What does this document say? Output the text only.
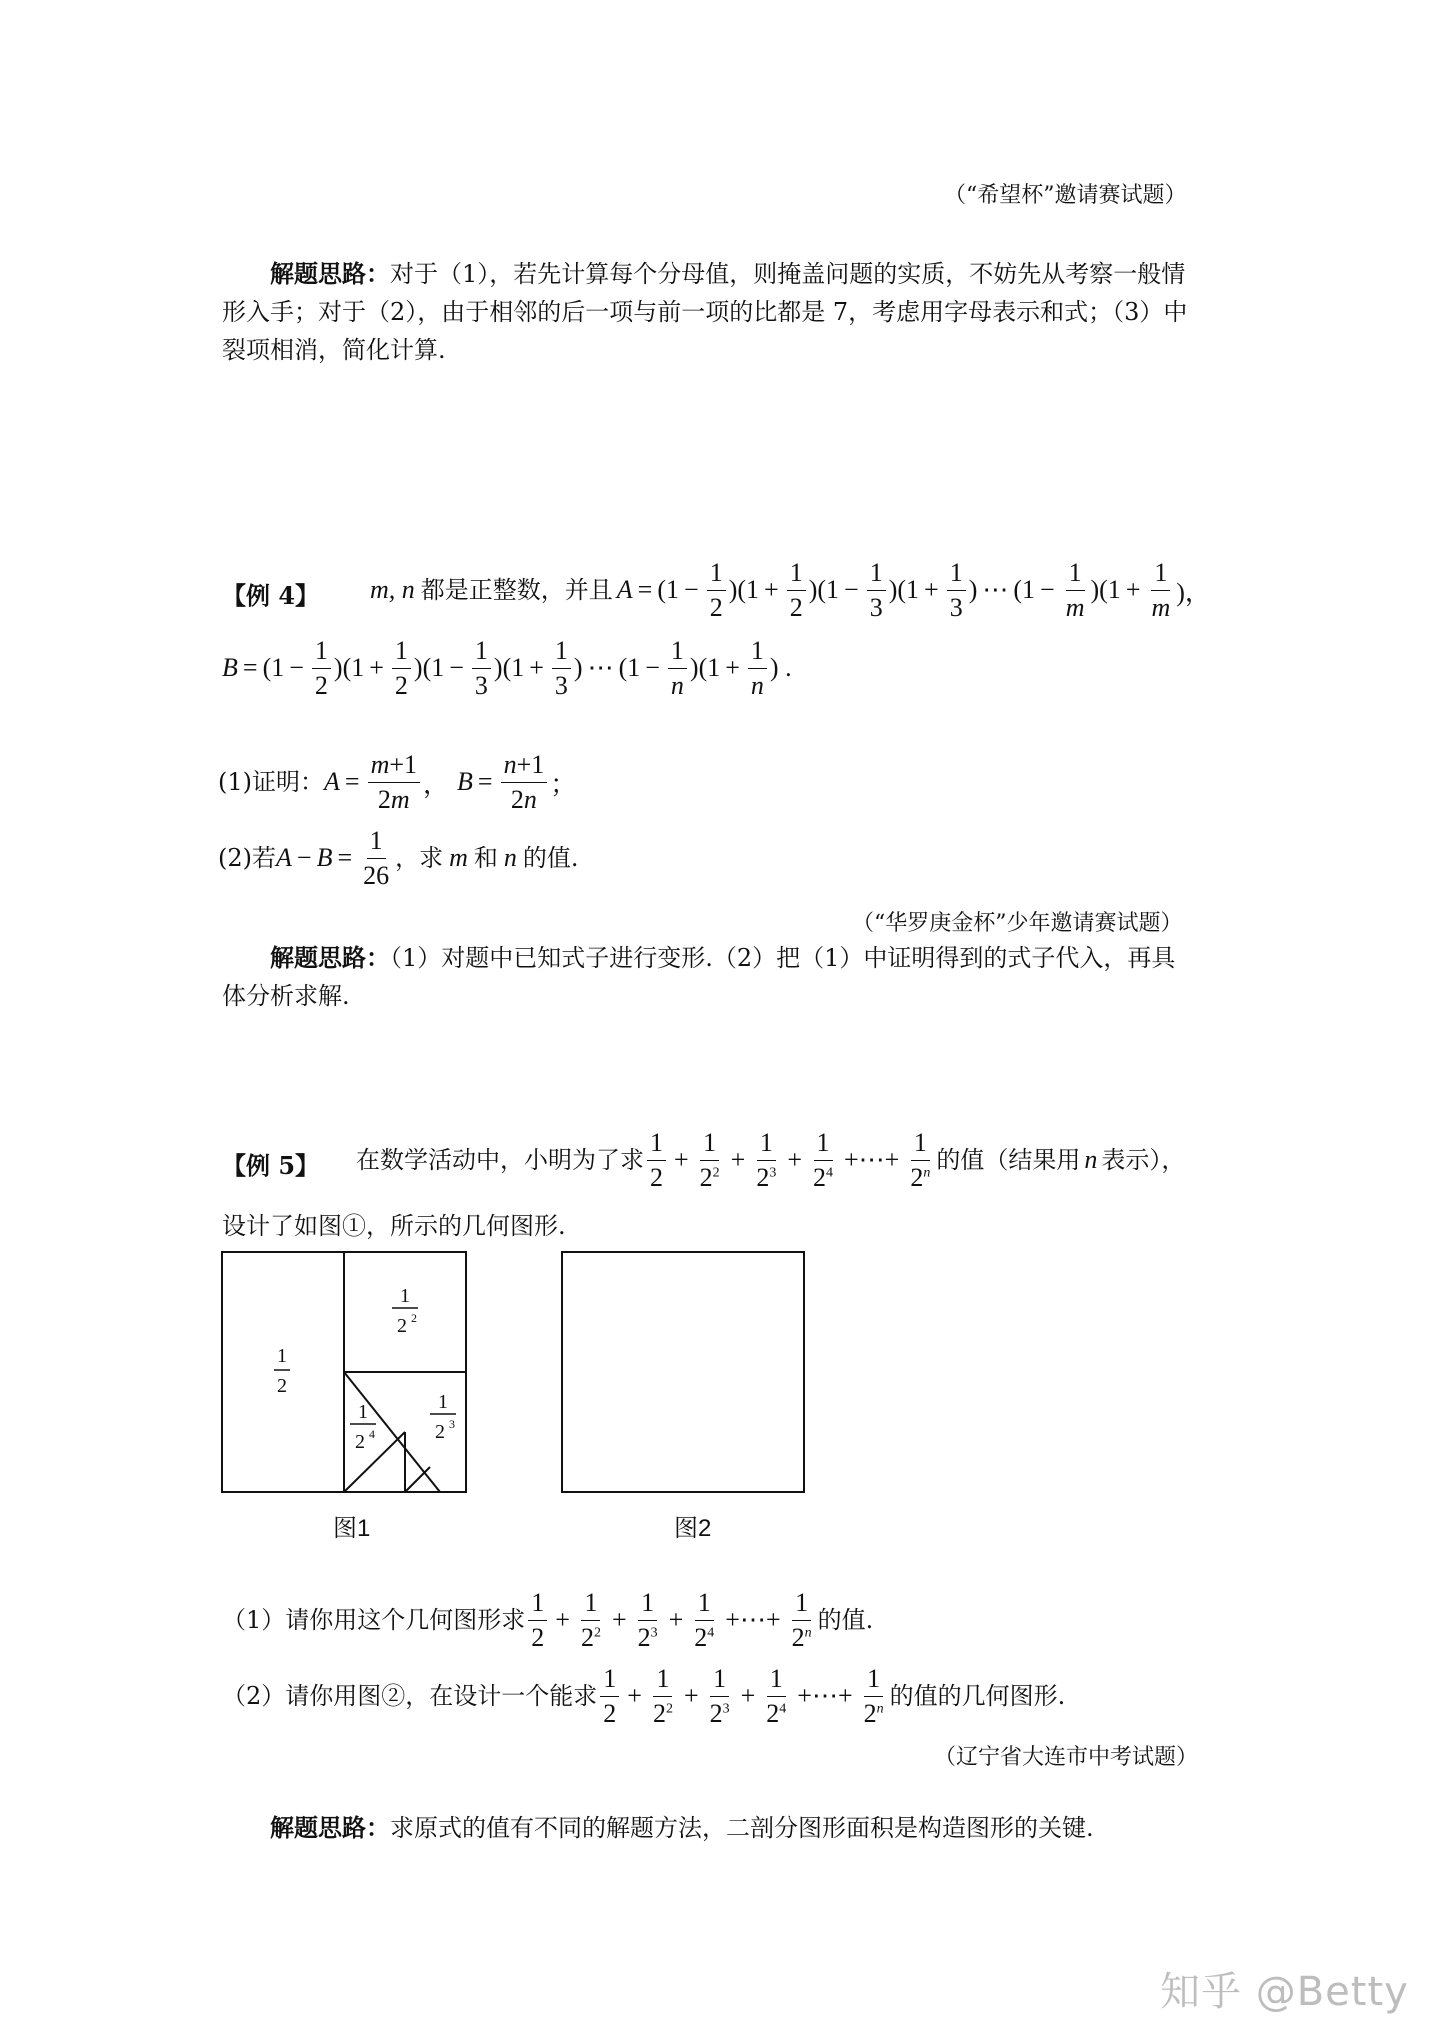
（“希望杯”邀请赛试题）
解题思路：对于（1），若先计算每个分母值，则掩盖问题的实质，不妨先从考察一般情
形入手；对于（2），由于相邻的后一项与前一项的比都是 7，考虑用字母表示和式；（3）中
裂项相消，简化计算.
【例 4】 m, n 都是正整数，并且 $A = (1 - \frac{1}{2} )(1 + \frac{1}{2} )(1 - \frac{1}{3} )(1 + \frac{1}{3}$ ) ⋯ $(1 - \frac{1}{m} )(1 + \frac{1}{m}$ )，
$B = (1 - \frac{1}{2} )(1 + \frac{1}{2} )(1 - \frac{1}{3} )(1 + \frac{1}{3}$ ) ⋯ $(1 - \frac{1}{n} )(1 + \frac{1}{n}$ ) .
(1)证明： $A = \frac{m+1}{2m}$ ， $B = \frac{n+1}{2n}$ ；
(2)若 $A - B = \frac{1}{26}$ ，求 m 和 n 的值.
（“华罗庚金杯”少年邀请赛试题）
解题思路：（1）对题中已知式子进行变形.（2）把（1）中证明得到的式子代入，再具
体分析求解.
【例 5】 在数学活动中，小明为了求
1
2
+ $\frac{1}{2^2} + \frac{1}{2^3} + \frac{1}{2^4}$ +⋯+ $\frac{1}{2^n}$ 的值（结果用 n 表示），
设计了如图①，所示的几何图形.
1
2
1
2 2
1
2 3
1
2 4
图1	图2
（1）请你用这个几何图形求
1
2
+ $\frac{1}{2^2} + \frac{1}{2^3} + \frac{1}{2^4}$ +⋯+ $\frac{1}{2^n}$ 的值.
（2）请你用图②，在设计一个能求
1
2
+ $\frac{1}{2^2} + \frac{1}{2^3} + \frac{1}{2^4}$ +⋯+ $\frac{1}{2^n}$ 的值的几何图形.
（辽宁省大连市中考试题）
解题思路：求原式的值有不同的解题方法，二剖分图形面积是构造图形的关键.
知乎 @Betty
